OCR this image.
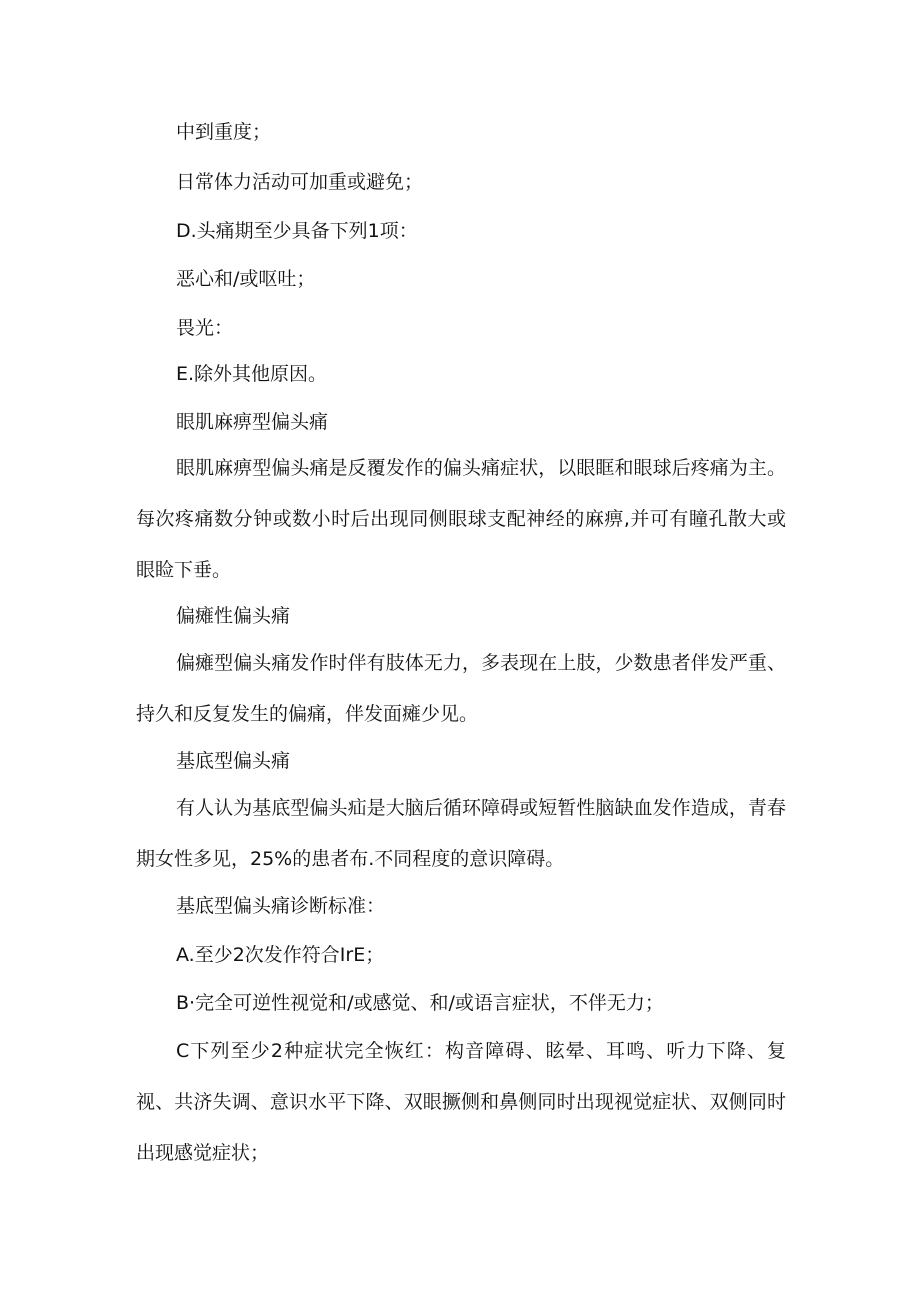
中到重度；
日常体力活动可加重或避免；
D.头痛期至少具备下列1项：
恶心和/或呕吐；
畏光：
E.除外其他原因。
眼肌麻痹型偏头痛

眼肌麻痹型偏头痛是反覆发作的偏头痛症状，以眼眶和眼球后疼痛为主。每次疼痛数分钟或数小时后出现同侧眼球支配神经的麻痹,并可有瞳孔散大或眼睑下垂。

偏瘫性偏头痛

偏瘫型偏头痛发作时伴有肢体无力，多表现在上肢，少数患者伴发严重、持久和反复发生的偏痛，伴发面瘫少见。

基底型偏头痛

有人认为基底型偏头疝是大脑后循环障碍或短暂性脑缺血发作造成，青春期女性多见，25%的患者布.不同程度的意识障碍。

基底型偏头痛诊断标准：
A.至少2次发作符合IrE；
B·完全可逆性视觉和/或感觉、和/或语言症状，不伴无力；

C下列至少2种症状完全恢红：构音障碍、眩晕、耳鸣、听力下降、复视、共济失调、意识水平下降、双眼撅侧和鼻侧同时出现视觉症状、双侧同时出现感觉症状；
